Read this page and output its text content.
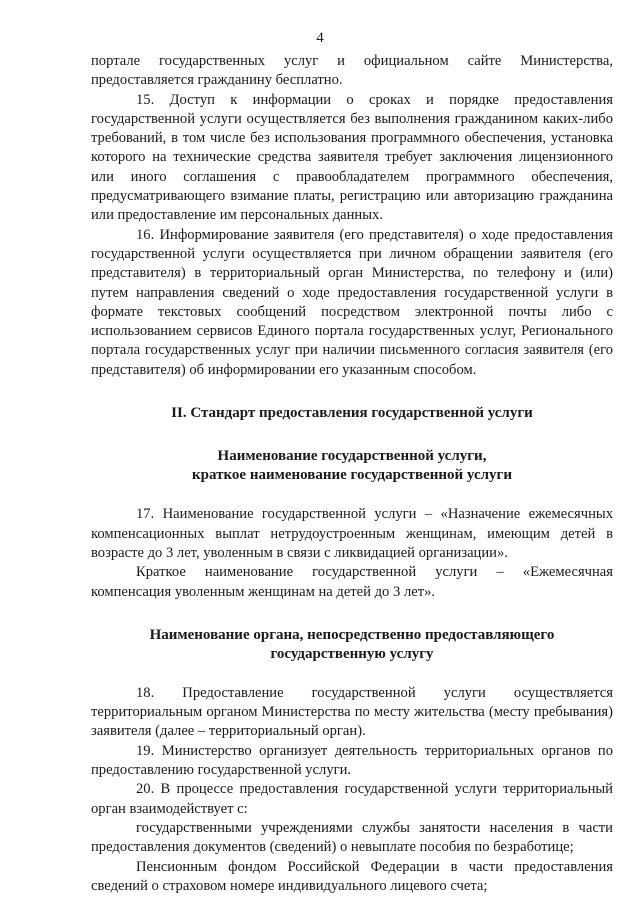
4

порталe государственных услуг и официальном сайте Министерства, предоставляется гражданину бесплатно.

15. Доступ к информации о сроках и порядке предоставления государственной услуги осуществляется без выполнения гражданином каких-либо требований, в том числе без использования программного обеспечения, установка которого на технические средства заявителя требует заключения лицензионного или иного соглашения с правообладателем программного обеспечения, предусматривающего взимание платы, регистрацию или авторизацию гражданина или предоставление им персональных данных.

16. Информирование заявителя (его представителя) о ходе предоставления государственной услуги осуществляется при личном обращении заявителя (его представителя) в территориальный орган Министерства, по телефону и (или) путем направления сведений о ходе предоставления государственной услуги в формате текстовых сообщений посредством электронной почты либо с использованием сервисов Единого портала государственных услуг, Регионального портала государственных услуг при наличии письменного согласия заявителя (его представителя) об информировании его указанным способом.

II. Стандарт предоставления государственной услуги

Наименование государственной услуги,

краткое наименование государственной услуги

17. Наименование государственной услуги – «Назначение ежемесячных компенсационных выплат нетрудоустроенным женщинам, имеющим детей в возрасте до 3 лет, уволенным в связи с ликвидацией организации».

Краткое наименование государственной услуги – «Ежемесячная компенсация уволенным женщинам на детей до 3 лет».

Наименование органа, непосредственно предоставляющего

государственную услугу

18. Предоставление государственной услуги осуществляется территориальным органом Министерства по месту жительства (месту пребывания) заявителя (далее – территориальный орган).

19. Министерство организует деятельность территориальных органов по предоставлению государственной услуги.

20. В процессе предоставления государственной услуги территориальный орган взаимодействует с:

государственными учреждениями службы занятости населения в части предоставления документов (сведений) о невыплате пособия по безработице;

Пенсионным фондом Российской Федерации в части предоставления сведений о страховом номере индивидуального лицевого счета;
